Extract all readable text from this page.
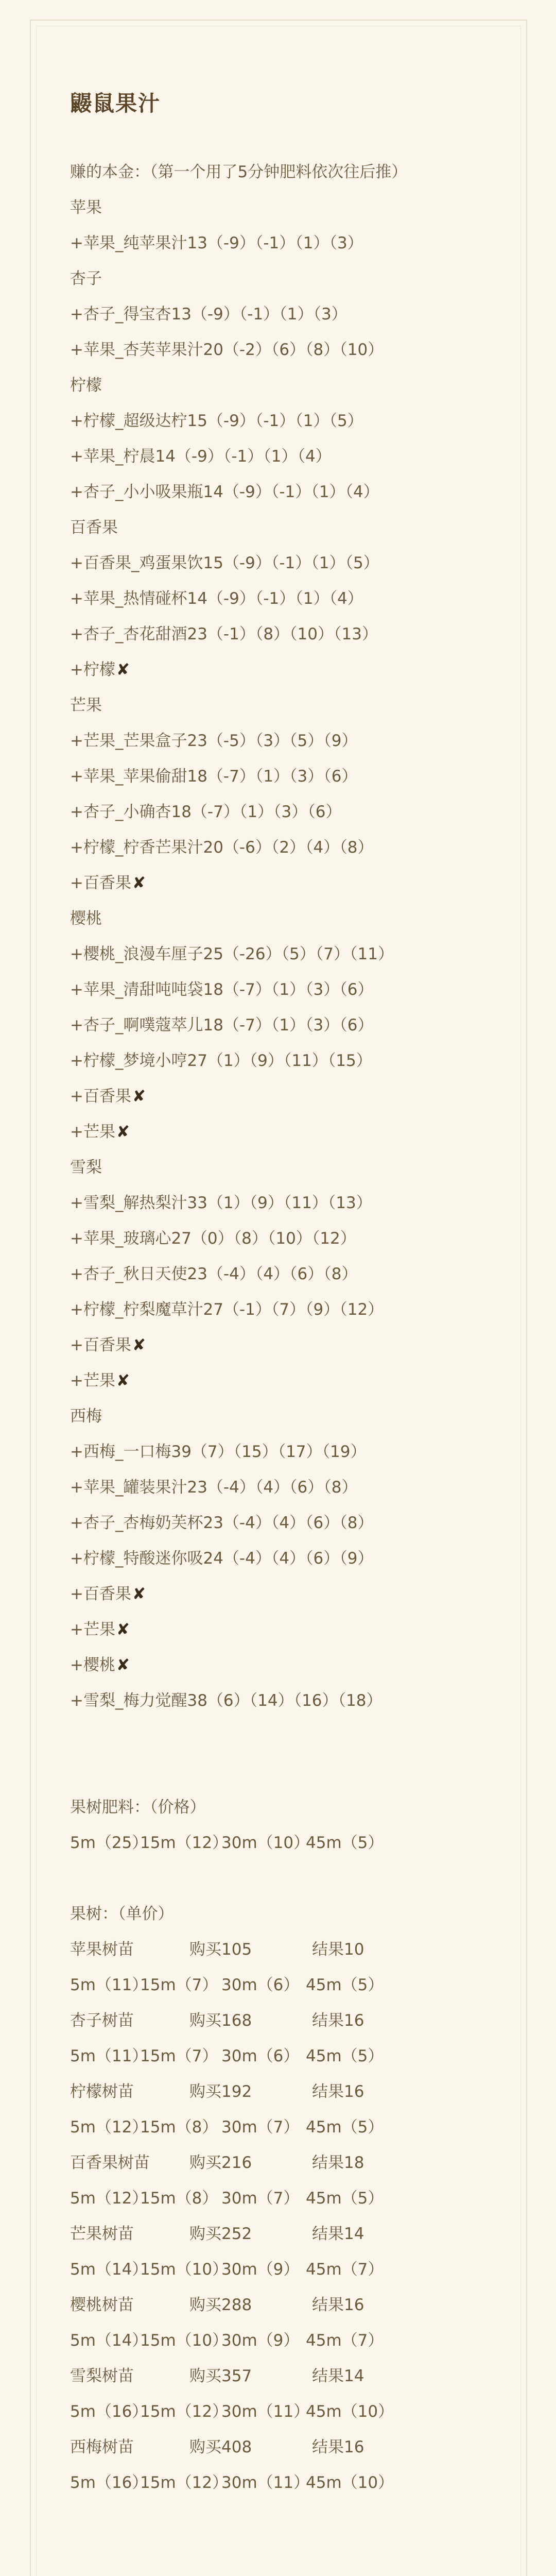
鼹鼠果汁
赚的本金：（第一个用了5分钟肥料依次往后推）
苹果
+苹果_纯苹果汁13（-9）（-1）（1）（3）
杏子
+杏子_得宝杏13（-9）（-1）（1）（3）
+苹果_杏芙苹果汁20（-2）（6）（8）（10）
柠檬
+柠檬_超级达柠15（-9）（-1）（1）（5）
+苹果_柠晨14（-9）（-1）（1）（4）
+杏子_小小吸果瓶14（-9）（-1）（1）（4）
百香果
+百香果_鸡蛋果饮15（-9）（-1）（1）（5）
+苹果_热情碰杯14（-9）（-1）（1）（4）
+杏子_杏花甜酒23（-1）（8）（10）（13）
+柠檬✘
芒果
+芒果_芒果盒子23（-5）（3）（5）（9）
+苹果_苹果偷甜18（-7）（1）（3）（6）
+杏子_小确杏18（-7）（1）（3）（6）
+柠檬_柠香芒果汁20（-6）（2）（4）（8）
+百香果✘
樱桃
+樱桃_浪漫车厘子25（-26）（5）（7）（11）
+苹果_清甜吨吨袋18（-7）（1）（3）（6）
+杏子_啊噗蔻萃儿18（-7）（1）（3）（6）
+柠檬_梦境小哼27（1）（9）（11）（15）
+百香果✘
+芒果✘
雪梨
+雪梨_解热梨汁33（1）（9）（11）（13）
+苹果_玻璃心27（0）（8）（10）（12）
+杏子_秋日天使23（-4）（4）（6）（8）
+柠檬_柠梨魔草汁27（-1）（7）（9）（12）
+百香果✘
+芒果✘
西梅
+西梅_一口梅39（7）（15）（17）（19）
+苹果_罐装果汁23（-4）（4）（6）（8）
+杏子_杏梅奶芙杯23（-4）（4）（6）（8）
+柠檬_特酸迷你吸24（-4）（4）（6）（9）
+百香果✘
+芒果✘
+樱桃✘
+雪梨_梅力觉醒38（6）（14）（16）（18）
果树肥料：（价格）
5m（25）
15m（12）
30m（10）
45m（5）
果树：（单价）
苹果树苗	购买105	结果10
5m（11）
15m（7） 30m（6） 45m（5）
杏子树苗	购买168	结果16
5m（11）
15m（7） 30m（6） 45m（5）
柠檬树苗	购买192	结果16
5m（12）
15m（8） 30m（7） 45m（5）
百香果树苗	购买216	结果18
5m（12）
15m（8） 30m（7） 45m（5）
芒果树苗	购买252	结果14
5m（14）
15m（10）
30m（9） 45m（7）
樱桃树苗	购买288	结果16
5m（14）
15m（10）
30m（9） 45m（7）
雪梨树苗	购买357	结果14
5m（16）
15m（12）
30m（11）
45m（10）
西梅树苗	购买408	结果16
5m（16）
15m（12）
30m（11）
45m（10）
